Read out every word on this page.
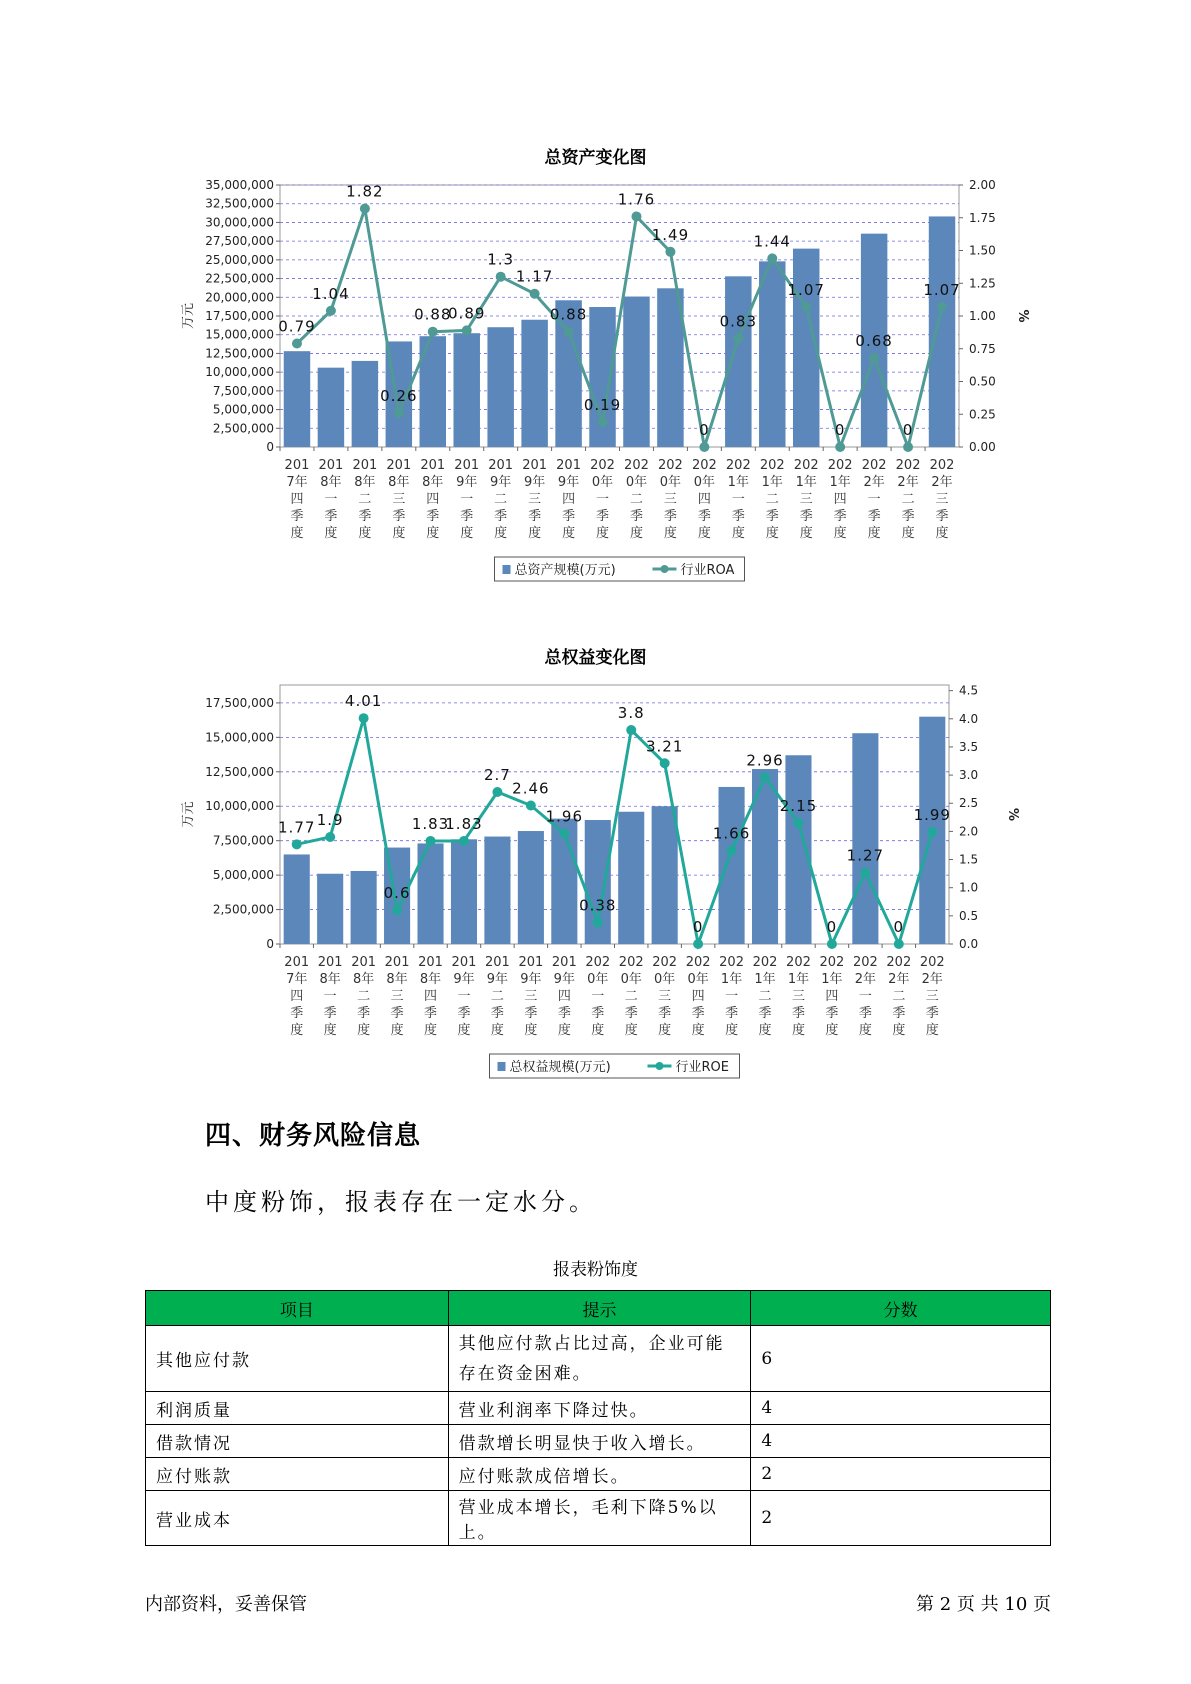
总资产变化图
35,000,000
32,500,000
30,000,000
27,500,000
25,000,000
22,500,000
20,000,000
17,500,000
15,000,000
12,500,000
10,000,000
7,500,000
5,000,000
2,500,000
0
2.00
1.75
1.50
1.25
1.00
0.75
0.50
0.25
0.00
万元	%
0.79
1.04
1.82
0.26
0.88
0.89
1.3
1.17
0.88
0.19
1.76
1.49
0
0.83
1.44
1.07
0
0.68
0
1.07
201
7年
四
季
度
201
8年
一
季
度
201
8年
二
季
度
201
8年
三
季
度
201
8年
四
季
度
201
9年
一
季
度
201
9年
二
季
度
201
9年
三
季
度
201
9年
四
季
度
202
0年
一
季
度
202
0年
二
季
度
202
0年
三
季
度
202
0年
四
季
度
202
1年
一
季
度
202
1年
二
季
度
202
1年
三
季
度
202
1年
四
季
度
202
2年
一
季
度
202
2年
二
季
度
202
2年
三
季
度
总资产规模(万元)	行业ROA
总权益变化图
17,500,000
15,000,000
12,500,000
10,000,000
7,500,000
5,000,000
2,500,000
0
4.5
4.0
3.5
3.0
2.5
2.0
1.5
1.0
0.5
0.0
万元	%
1.77 1.9
4.01
0.6
1.83
1.83
2.7
2.46
1.96
0.38
3.8
3.21
0
1.66
2.96
2.15
0
1.27
0
1.99
201
7年
四
季
度
201
8年
一
季
度
201
8年
二
季
度
201
8年
三
季
度
201
8年
四
季
度
201
9年
一
季
度
201
9年
二
季
度
201
9年
三
季
度
201
9年
四
季
度
202
0年
一
季
度
202
0年
二
季
度
202
0年
三
季
度
202
0年
四
季
度
202
1年
一
季
度
202
1年
二
季
度
202
1年
三
季
度
202
1年
四
季
度
202
2年
一
季
度
202
2年
二
季
度
202
2年
三
季
度
总权益规模(万元)	行业ROE
四、财务风险信息
中度粉饰，报表存在一定水分。
报表粉饰度
项目	提示	分数
其他应付款	其他应付款占比过高，企业可能存在资金困难。	6
利润质量	营业利润率下降过快。	4
借款情况	借款增长明显快于收入增长。	4
应付账款	应付账款成倍增长。	2
营业成本	营业成本增长，毛利下降5%以上。	2
内部资料，妥善保管	第 2 页 共 10 页
